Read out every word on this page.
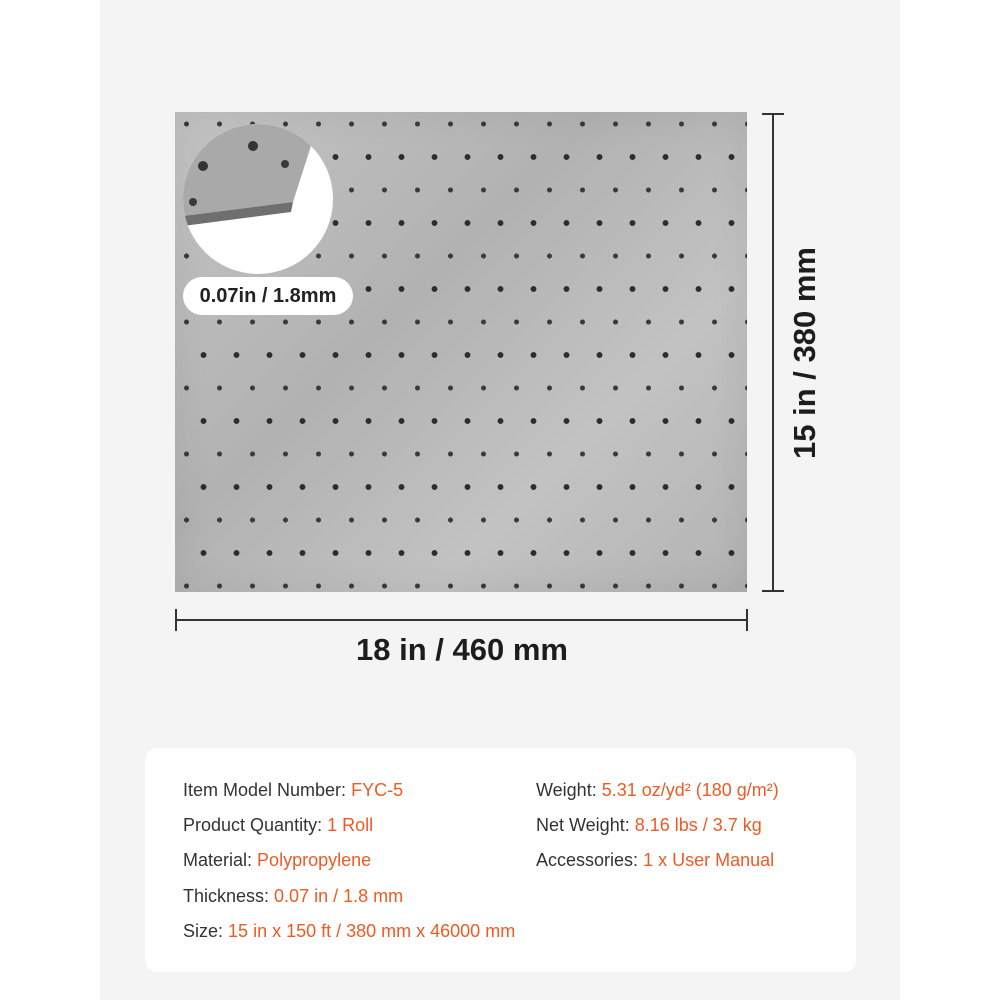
0.07in / 1.8mm
18 in / 460 mm
15 in / 380 mm
Item Model Number: FYC-5
Product Quantity: 1 Roll
Material: Polypropylene
Thickness: 0.07 in / 1.8 mm
Size: 15 in x 150 ft / 380 mm x 46000 mm
Weight: 5.31 oz/yd² (180 g/m²)
Net Weight: 8.16 lbs / 3.7 kg
Accessories: 1 x User Manual
